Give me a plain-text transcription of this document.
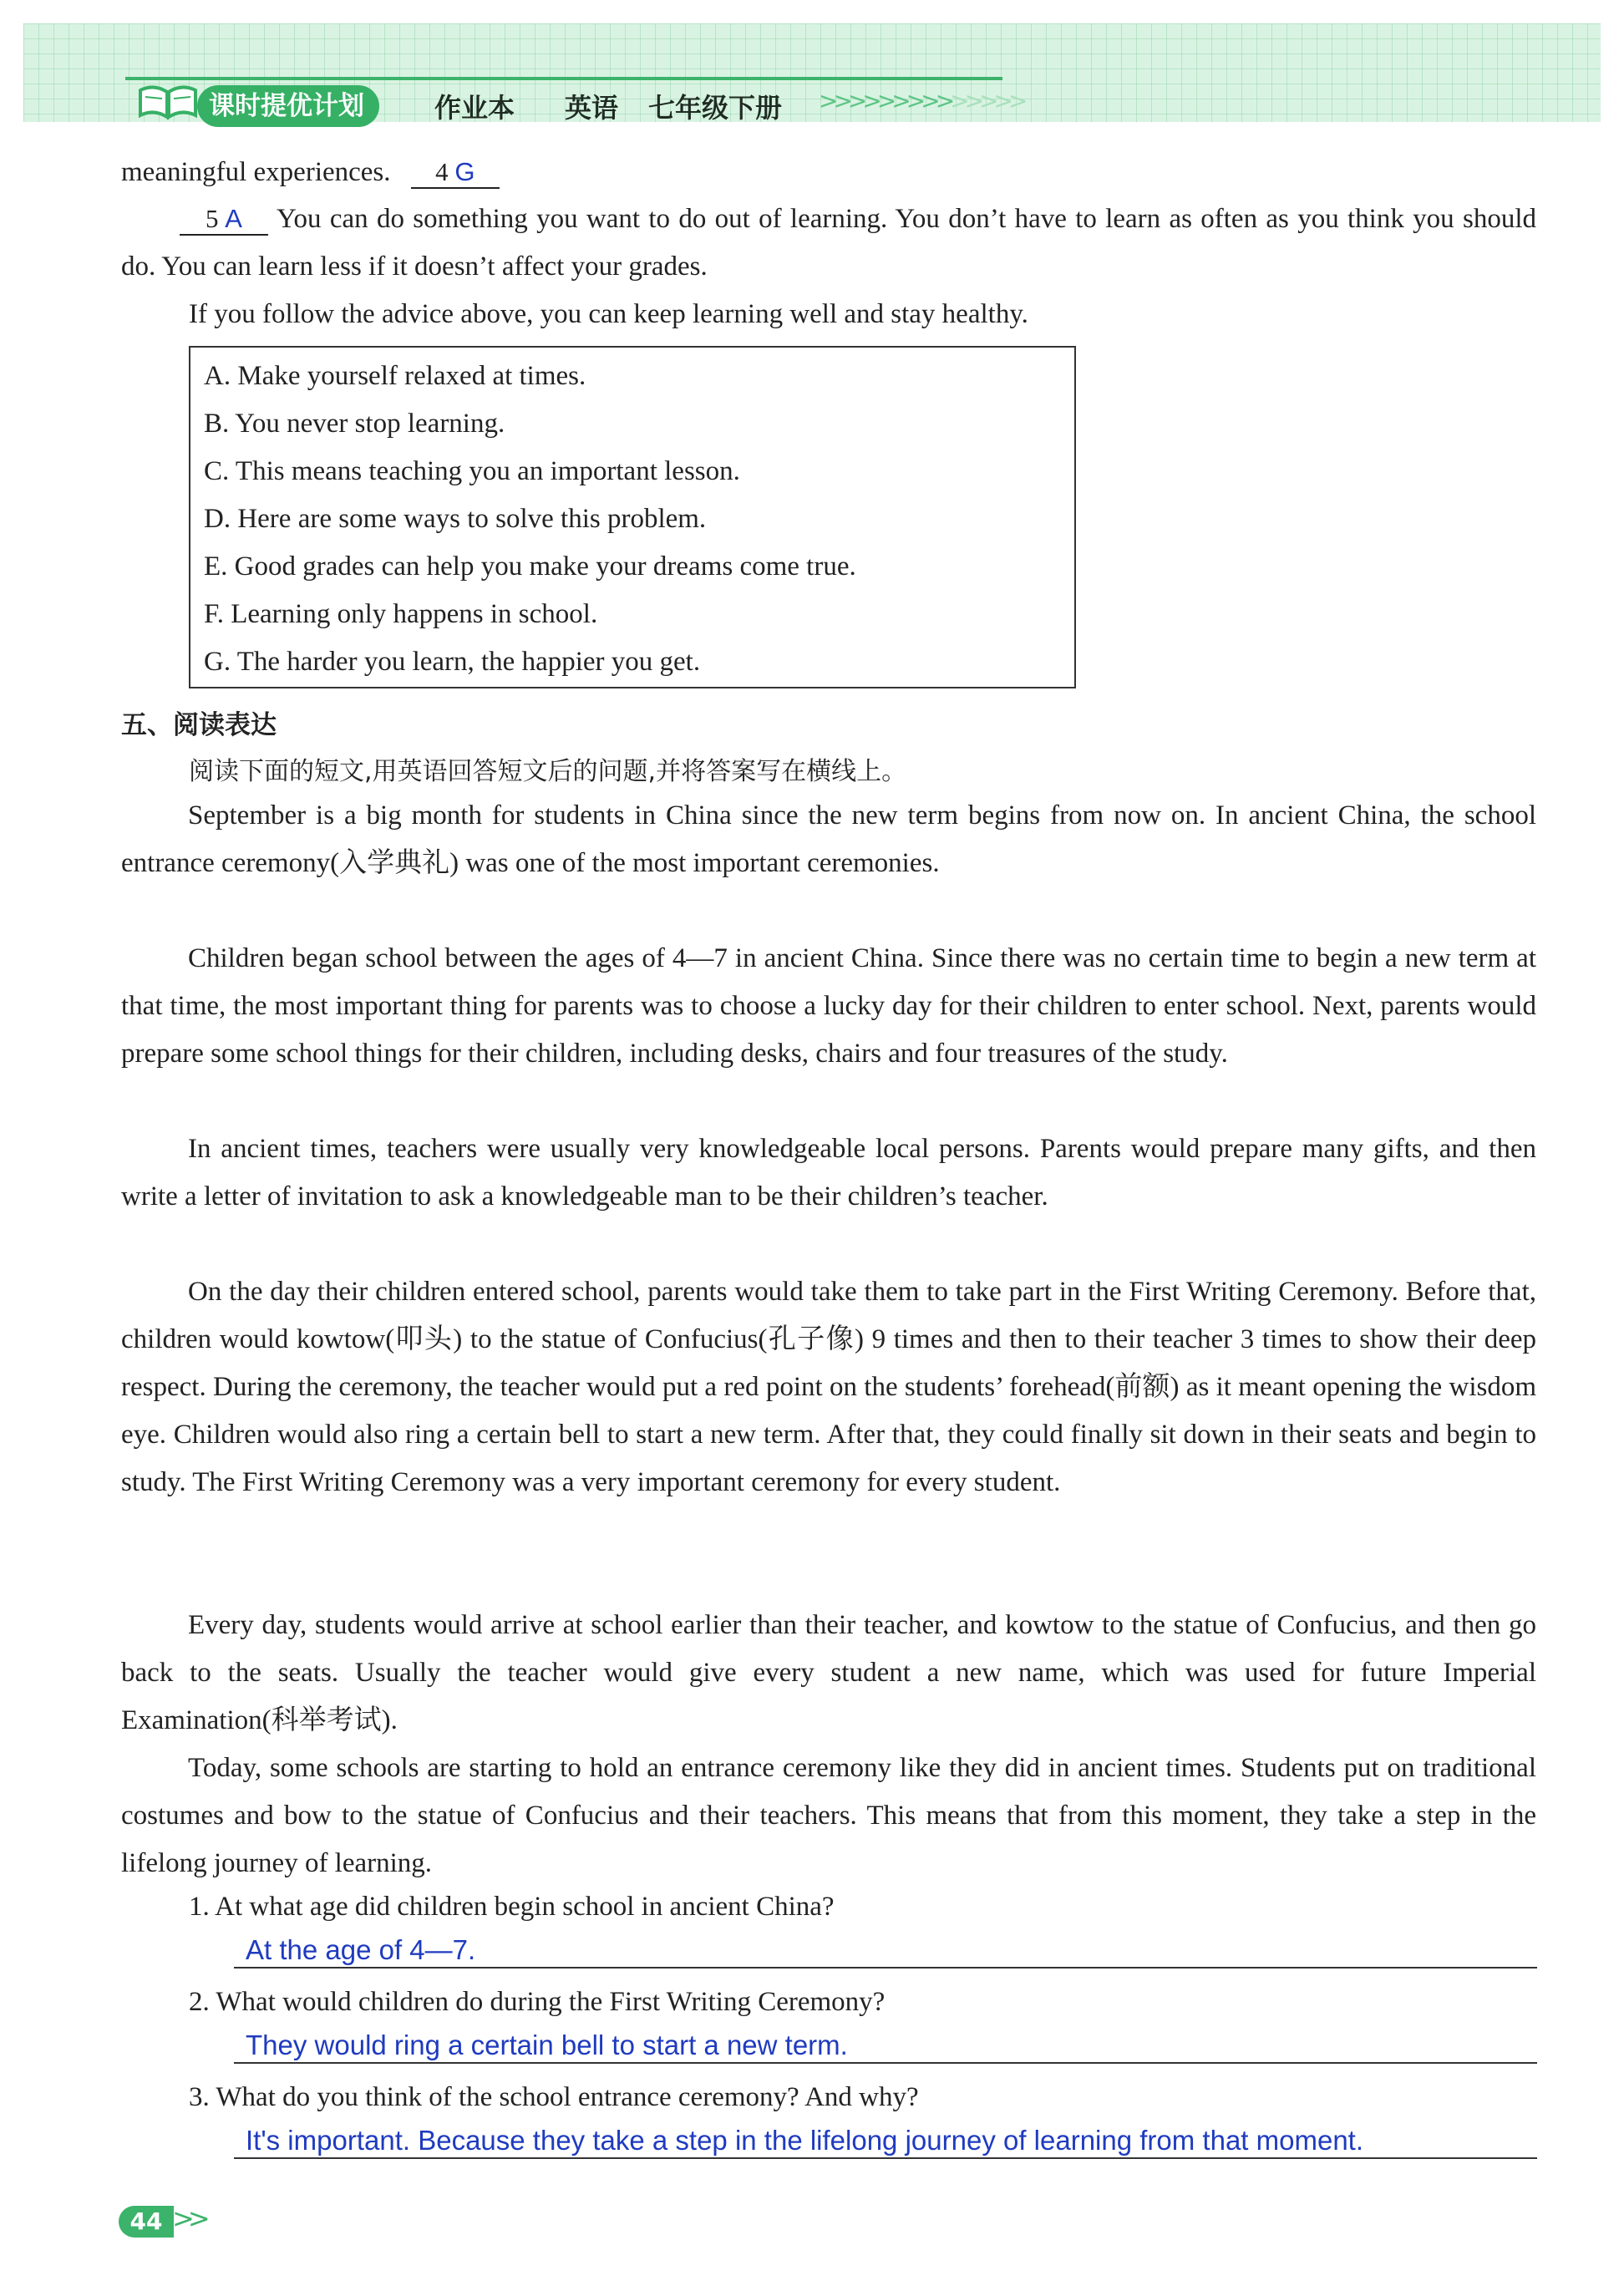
课时提优计划	作业本 英语 七年级下册 >>>>>>>>>>>>>>
meaningful experiences. 4 G
5 A You can do something you want to do out of learning. You don’t have to learn as often as you think you should do. You can learn less if it doesn’t affect your grades.
If you follow the advice above, you can keep learning well and stay healthy.
A. Make yourself relaxed at times.
B. You never stop learning.
C. This means teaching you an important lesson.
D. Here are some ways to solve this problem.
E. Good grades can help you make your dreams come true.
F. Learning only happens in school.
G. The harder you learn, the happier you get.
五、阅读表达
阅读下面的短文,用英语回答短文后的问题,并将答案写在横线上。
September is a big month for students in China since the new term begins from now on. In ancient China, the school entrance ceremony(入学典礼) was one of the most important ceremonies.
Children began school between the ages of 4—7 in ancient China. Since there was no certain time to begin a new term at that time, the most important thing for parents was to choose a lucky day for their children to enter school. Next, parents would prepare some school things for their children, including desks, chairs and four treasures of the study.
In ancient times, teachers were usually very knowledgeable local persons. Parents would prepare many gifts, and then write a letter of invitation to ask a knowledgeable man to be their children’s teacher.
On the day their children entered school, parents would take them to take part in the First Writing Ceremony. Before that, children would kowtow(叩头) to the statue of Confucius(孔子像) 9 times and then to their teacher 3 times to show their deep respect. During the ceremony, the teacher would put a red point on the students’ forehead(前额) as it meant opening the wisdom eye. Children would also ring a certain bell to start a new term. After that, they could finally sit down in their seats and begin to study. The First Writing Ceremony was a very important ceremony for every student.
Every day, students would arrive at school earlier than their teacher, and kowtow to the statue of Confucius, and then go back to the seats. Usually the teacher would give every student a new name, which was used for future Imperial Examination(科举考试).
Today, some schools are starting to hold an entrance ceremony like they did in ancient times. Students put on traditional costumes and bow to the statue of Confucius and their teachers. This means that from this moment, they take a step in the lifelong journey of learning.
1. At what age did children begin school in ancient China?
At the age of 4—7.
2. What would children do during the First Writing Ceremony?
They would ring a certain bell to start a new term.
3. What do you think of the school entrance ceremony? And why?
It's important. Because they take a step in the lifelong journey of learning from that moment.
44 >>
